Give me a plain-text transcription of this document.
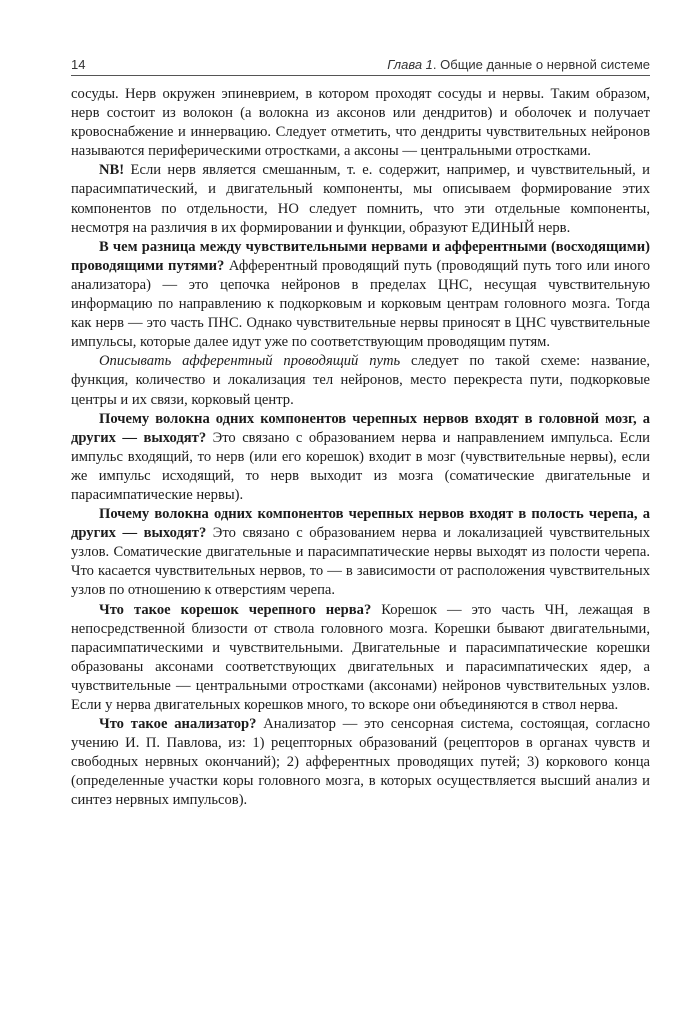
14	Глава 1. Общие данные о нервной системе

сосуды. Нерв окружен эпиневрием, в котором проходят сосуды и нервы. Таким образом, нерв состоит из волокон (а волокна из аксонов или дендритов) и оболочек и получает кровоснабжение и иннервацию. Следует отметить, что дендриты чувствительных нейронов называются периферическими отростками, а аксоны — центральными отростками.

NB! Если нерв является смешанным, т. е. содержит, например, и чувствительный, и парасимпатический, и двигательный компоненты, мы описываем формирование этих компонентов по отдельности, НО следует помнить, что эти отдельные компоненты, несмотря на различия в их формировании и функции, образуют ЕДИНЫЙ нерв.

В чем разница между чувствительными нервами и афферентными (восходящими) проводящими путями? Афферентный проводящий путь (проводящий путь того или иного анализатора) — это цепочка нейронов в пределах ЦНС, несущая чувствительную информацию по направлению к подкорковым и корковым центрам головного мозга. Тогда как нерв — это часть ПНС. Однако чувствительные нервы приносят в ЦНС чувствительные импульсы, которые далее идут уже по соответствующим проводящим путям.

Описывать афферентный проводящий путь следует по такой схеме: название, функция, количество и локализация тел нейронов, место перекреста пути, подкорковые центры и их связи, корковый центр.

Почему волокна одних компонентов черепных нервов входят в головной мозг, а других — выходят? Это связано с образованием нерва и направлением импульса. Если импульс входящий, то нерв (или его корешок) входит в мозг (чувствительные нервы), если же импульс исходящий, то нерв выходит из мозга (соматические двигательные и парасимпатические нервы).

Почему волокна одних компонентов черепных нервов входят в полость черепа, а других — выходят? Это связано с образованием нерва и локализацией чувствительных узлов. Соматические двигательные и парасимпатические нервы выходят из полости черепа. Что касается чувствительных нервов, то — в зависимости от расположения чувствительных узлов по отношению к отверстиям черепа.

Что такое корешок черепного нерва? Корешок — это часть ЧН, лежащая в непосредственной близости от ствола головного мозга. Корешки бывают двигательными, парасимпатическими и чувствительными. Двигательные и парасимпатические корешки образованы аксонами соответствующих двигательных и парасимпатических ядер, а чувствительные — центральными отростками (аксонами) нейронов чувствительных узлов. Если у нерва двигательных корешков много, то вскоре они объединяются в ствол нерва.

Что такое анализатор? Анализатор — это сенсорная система, состоящая, согласно учению И. П. Павлова, из: 1) рецепторных образований (рецепторов в органах чувств и свободных нервных окончаний); 2) афферентных проводящих путей; 3) коркового конца (определенные участки коры головного мозга, в которых осуществляется высший анализ и синтез нервных импульсов).
